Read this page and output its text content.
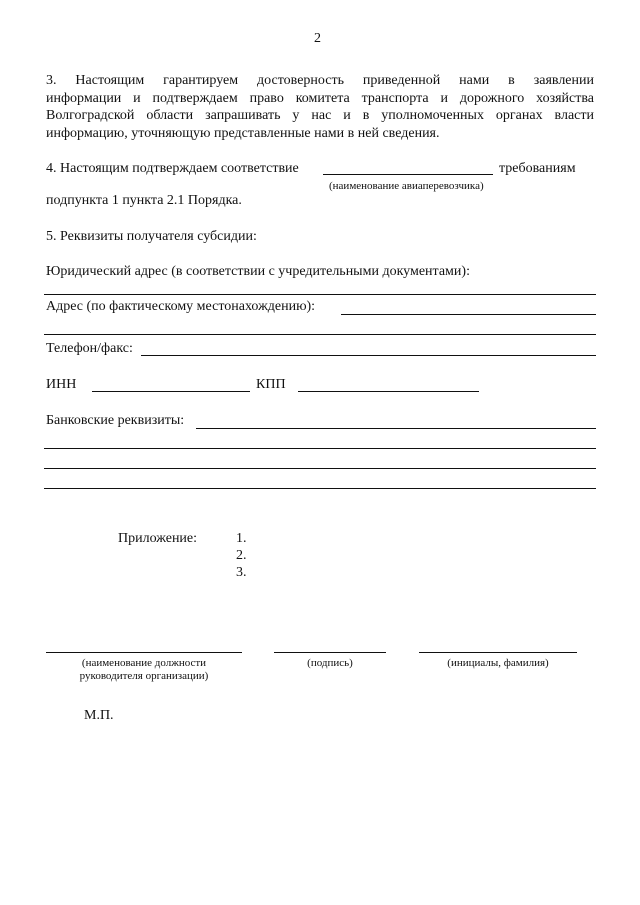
2
3. Настоящим гарантируем достоверность приведенной нами в заявлении
информации и подтверждаем право комитета транспорта и дорожного хозяйства
Волгоградской области запрашивать у нас и в уполномоченных органах власти
информацию, уточняющую представленные нами в ней сведения.
4. Настоящим подтверждаем соответствие	требованиям
(наименование авиаперевозчика)
подпункта 1 пункта 2.1 Порядка.
5. Реквизиты получателя субсидии:
Юридический адрес (в соответствии с учредительными документами):
Адрес (по фактическому местонахождению):
Телефон/факс:
ИНН	КПП
Банковские реквизиты:
Приложение:	1.
2.
3.
(наименование должности
руководителя организации)
(подпись)	(инициалы, фамилия)
М.П.
